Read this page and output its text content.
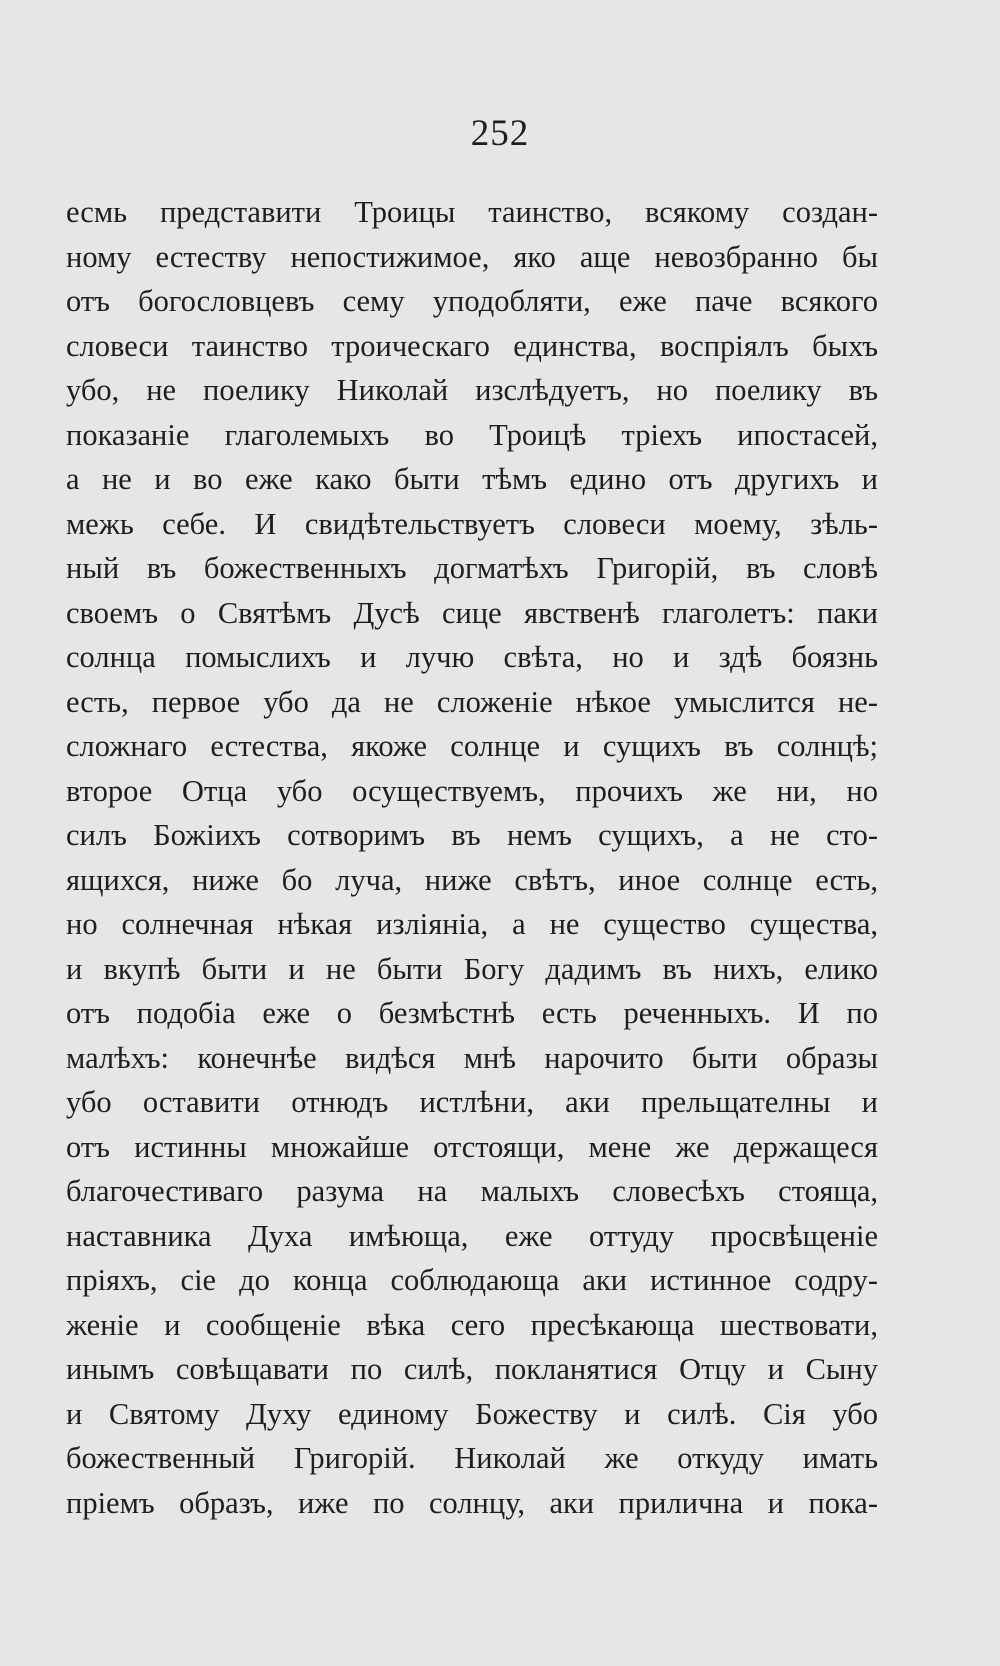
252
есмь представити Троицы таинство, всякому создан-
ному естеству непостижимое, яко аще невозбранно бы
отъ богословцевъ сему уподобляти, еже паче всякого
словеси таинство троическаго единства, воспріялъ быхъ
убо, не поелику Николай изслѣдуетъ, но поелику въ
показаніе глаголемыхъ во Троицѣ тріехъ ипостасей,
а не и во еже како быти тѣмъ едино отъ другихъ и
межь себе. И свидѣтельствуетъ словеси моему, зѣль-
ный въ божественныхъ догматѣхъ Григорій, въ словѣ
своемъ о Святѣмъ Дусѣ сице явственѣ глаголетъ: паки
солнца помыслихъ и лучю свѣта, но и здѣ боязнь
есть, первое убо да не сложеніе нѣкое умыслится не-
сложнаго естества, якоже солнце и сущихъ въ солнцѣ;
второе Отца убо осуществуемъ, прочихъ же ни, но
силъ Божіихъ сотворимъ въ немъ сущихъ, а не сто-
ящихся, ниже бо луча, ниже свѣтъ, иное солнце есть,
но солнечная нѣкая изліяніа, а не существо существа,
и вкупѣ быти и не быти Богу дадимъ въ нихъ, елико
отъ подобіа еже о безмѣстнѣ есть реченныхъ. И по
малѣхъ: конечнѣе видѣся мнѣ нарочито быти образы
убо оставити отнюдъ истлѣни, аки прельщателны и
отъ истинны множайше отстоящи, мене же держащеся
благочестиваго разума на малыхъ словесѣхъ стояща,
наставника Духа имѣюща, еже оттуду просвѣщеніе
пріяхъ, сіе до конца соблюдающа аки истинное содру-
женіе и сообщеніе вѣка сего пресѣкающа шествовати,
инымъ совѣщавати по силѣ, покланятися Отцу и Сыну
и Святому Духу единому Божеству и силѣ. Сія убо
божественный Григорій. Николай же откуду имать
пріемъ образъ, иже по солнцу, аки прилична и пока-
